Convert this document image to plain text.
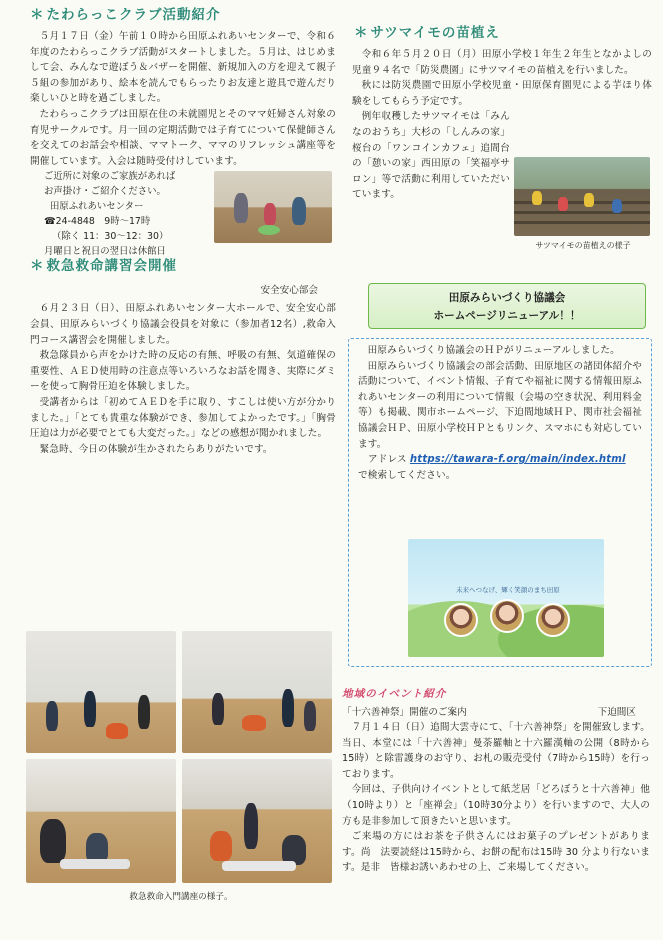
＊ たわらっこクラブ活動紹介

５月１７日（金）午前１０時から田原ふれあいセンターで、令和６年度のたわらっこクラブ活動がスタートしました。５月は、はじめまして会、みんなで遊ぼう＆バザーを開催、新規加入の方を迎えて親子５組の参加があり、絵本を読んでもらったりお友達と遊具で遊んだり楽しいひと時を過ごしました。

たわらっこクラブは田原在住の未就園児とそのママ妊婦さん対象の育児サークルです。月一回の定期活動では子育てについて保健師さんを交えてのお話会や相談、ママトーク、ママのリフレッシュ講座等を開催しています。入会は随時受付けしています。

ご近所に対象のご家族があれば
お声掛け・ご紹介ください。
田原ふれあいセンター
☎24-4848　9時～17時
（除く 11：30～12：30）
月曜日と祝日の翌日は休館日
＊ 救急救命講習会開催
安全安心部会

６月２３日（日）、田原ふれあいセンター大ホールで、安全安心部会員、田原みらいづくり協議会役員を対象に（参加者12名）,救命入門コース講習会を開催しました。

救急隊員から声をかけた時の反応の有無、呼吸の有無、気道確保の重要性、ＡＥＤ使用時の注意点等いろいろなお話を聞き、実際にダミーを使って胸骨圧迫を体験しました。

受講者からは「初めてＡＥＤを手に取り、すこしは使い方が分かりました。」「とても貴重な体験ができ、参加してよかったです。」「胸骨圧迫は力が必要でとても大変だった。」などの感想が聞かれました。

緊急時、今日の体験が生かされたらありがたいです。

救急救命入門講座の様子。
＊ サツマイモの苗植え

令和６年５月２０日（月）田原小学校１年生２年生となかよしの児童９４名で「防災農園」にサツマイモの苗植えを行いました。

秋には防災農園で田原小学校児童・田原保育園児による芋ほり体験をしてもらう予定です。

例年収穫したサツマイモは「みんなのおうち」大杉の「しんみの家」桜台の「ワンコインカフェ」追間台の「憩いの家」西田原の「笑福亭サロン」等で活動に利用していただいています。

サツマイモの苗植えの様子
田原みらいづくり協議会
ホームページリニューアル！！

田原みらいづくり協議会のＨＰがリニューアルしました。

田原みらいづくり協議会の部会活動、田原地区の諸団体紹介や活動について、イベント情報、子育てや福祉に関する情報田原ふれあいセンターの利用について情報（会場の空き状況、利用料金等）も掲載、関市ホームページ、下迫間地域ＨＰ、関市社会福祉協議会ＨＰ、田原小学校ＨＰともリンク、スマホにも対応しています。

アドレス https://tawara-f.org/main/index.html

で検索してください。

未来へつなげ、輝く笑顔のまち田原
地域のイベント紹介
「十六善神祭」開催のご案内	下迫間区

７月１４日（日）追間大雲寺にて、「十六善神祭」を開催致します。当日、本堂には「十六善神」曼荼羅軸と十六羅漢軸の公開（8時から15時）と除雷護身のお守り、お札の販売受付（7時から15時）を行っております。

今回は、子供向けイベントとして紙芝居「どろぼうと十六善神」他（10時より）と「座禅会」（10時30分より）を行いますので、大人の方も是非参加して頂きたいと思います。

ご来場の方にはお茶を子供さんにはお菓子のプレゼントがあります。尚　法要読経は15時から、お餅の配布は15時 30 分より行ないます。是非　皆様お誘いあわせの上、ご来場してください。
